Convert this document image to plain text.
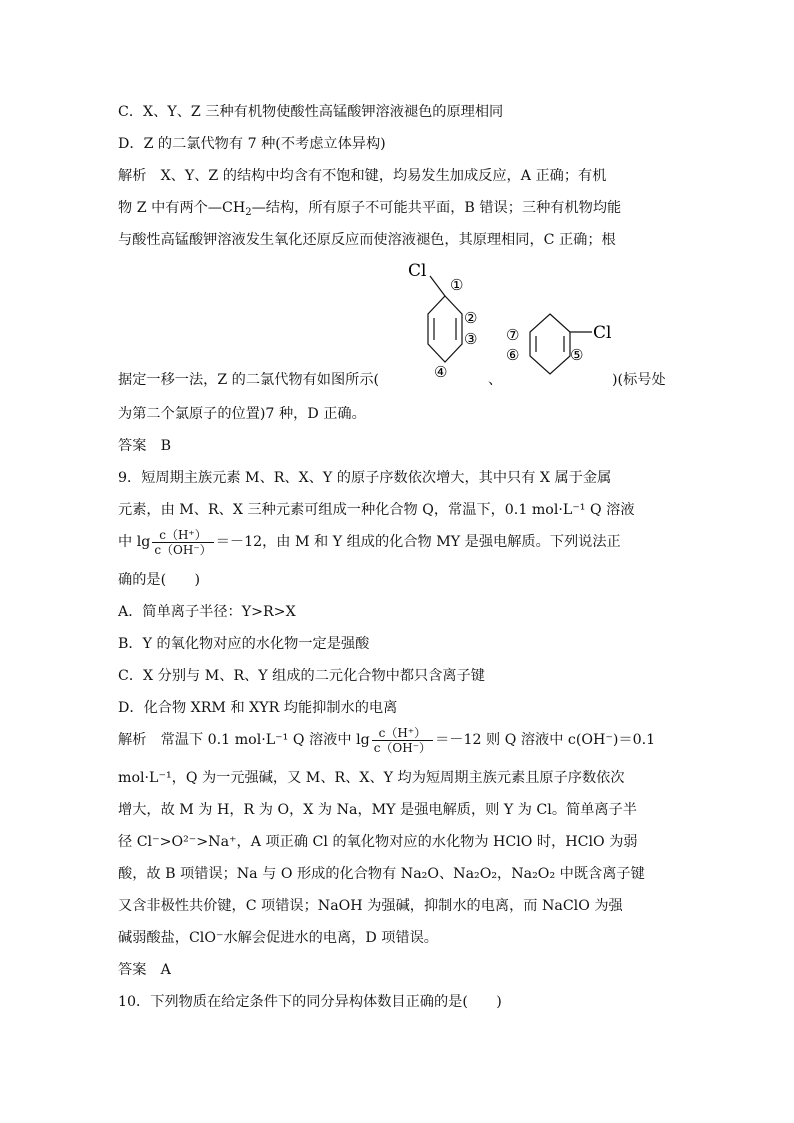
C．X、Y、Z 三种有机物使酸性高锰酸钾溶液褪色的原理相同
D．Z 的二氯代物有 7 种(不考虑立体异构)
解析　X、Y、Z 的结构中均含有不饱和键，均易发生加成反应，A 正确；有机
物 Z 中有两个$—CH_2—$结构，所有原子不可能共平面，B 错误；三种有机物均能
与酸性高锰酸钾溶液发生氧化还原反应而使溶液褪色，其原理相同，C 正确；根
Cl
①
②
③
④
Cl
⑦
⑥	⑤
据定一移一法，Z 的二氯代物有如图所示(	、	)(标号处
为第二个氯原子的位置)7 种，D 正确。
答案　B
9．短周期主族元素 M、R、X、Y 的原子序数依次增大，其中只有 X 属于金属
元素，由 M、R、X 三种元素可组成一种化合物 Q，常温下，0.1 mol·L⁻¹ Q 溶液
中 $\lg \frac{c(H^+)}{c(OH^-)} =-12$，由 M 和 Y 组成的化合物 MY 是强电解质。下列说法正
确的是(　　)
A．简单离子半径：Y>R>X
B．Y 的氧化物对应的水化物一定是强酸
C．X 分别与 M、R、Y 组成的二元化合物中都只含离子键
D．化合物 XRM 和 XYR 均能抑制水的电离
解析　常温下 0.1 mol·L⁻¹ Q 溶液中 $\lg \frac{c(H^+)}{c(OH^-)} =-12$ 则 Q 溶液中 c(OH⁻)＝0.1
mol·L⁻¹，Q 为一元强碱，又 M、R、X、Y 均为短周期主族元素且原子序数依次
增大，故 M 为 H，R 为 O，X 为 Na，MY 是强电解质，则 Y 为 Cl。简单离子半
径 Cl⁻>O²⁻>Na⁺，A 项正确 Cl 的氧化物对应的水化物为 HClO 时，HClO 为弱
酸，故 B 项错误；Na 与 O 形成的化合物有 Na₂O、Na₂O₂，Na₂O₂ 中既含离子键
又含非极性共价键，C 项错误；NaOH 为强碱，抑制水的电离，而 NaClO 为强
碱弱酸盐，ClO⁻水解会促进水的电离，D 项错误。
答案　A
10．下列物质在给定条件下的同分异构体数目正确的是(　　)
